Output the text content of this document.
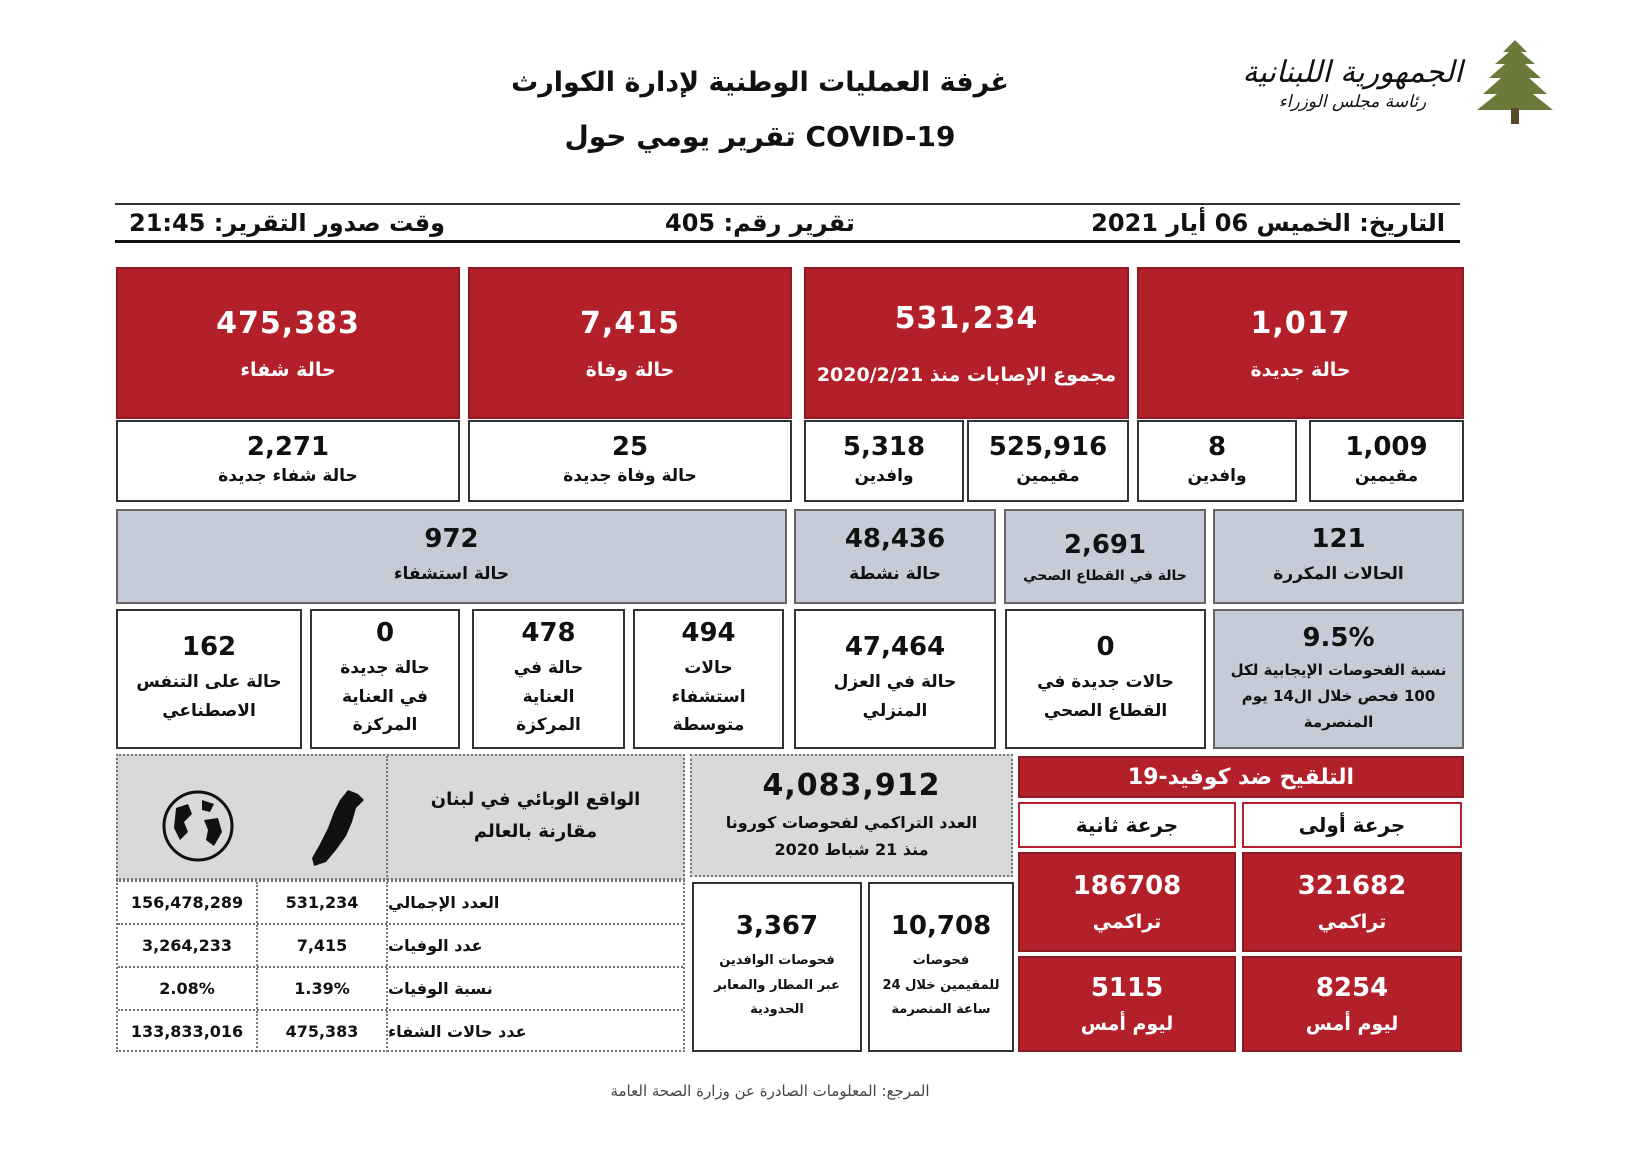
غرفة العمليات الوطنية لإدارة الكوارث
تقرير يومي حول COVID-19
الجمهورية اللبنانية
رئاسة مجلس الوزراء
التاريخ: الخميس 06 أيار 2021
تقرير رقم: 405
وقت صدور التقرير: 21:45
1,017
حالة جديدة
531,234
مجموع الإصابات منذ 2020/2/21
7,415
حالة وفاة
475,383
حالة شفاء
1,009
مقيمين
8
وافدين
525,916
مقيمين
5,318
وافدين
25
حالة وفاة جديدة
2,271
حالة شفاء جديدة
121
الحالات المكررة
2,691
حالة في القطاع الصحي
48,436
حالة نشطة
972
حالة استشفاء
9.5%
نسبة الفحوصات الإيجابية لكل 100 فحص خلال ال14 يوم المنصرمة
0
حالات جديدة في القطاع الصحي
47,464
حالة في العزل المنزلي
494
حالات استشفاء متوسطة
478
حالة في العناية المركزة
0
حالة جديدة في العناية المركزة
162
حالة على التنفس الاصطناعي
التلقيح ضد كوفيد-19
جرعة أولى
جرعة ثانية
321682
تراكمي
186708
تراكمي
8254
ليوم أمس
5115
ليوم أمس
4,083,912
العدد التراكمي لفحوصات كورونا منذ 21 شباط 2020
10,708
فحوصات للمقيمين خلال 24 ساعة المنصرمة
3,367
فحوصات الوافدين عبر المطار والمعابر الحدودية
الواقع الوبائي في لبنان مقارنة بالعالم
156,478,289	531,234	العدد الإجمالي
3,264,233	7,415	عدد الوفيات
2.08%	1.39%	نسبة الوفيات
133,833,016	475,383	عدد حالات الشفاء
المرجع: المعلومات الصادرة عن وزارة الصحة العامة
